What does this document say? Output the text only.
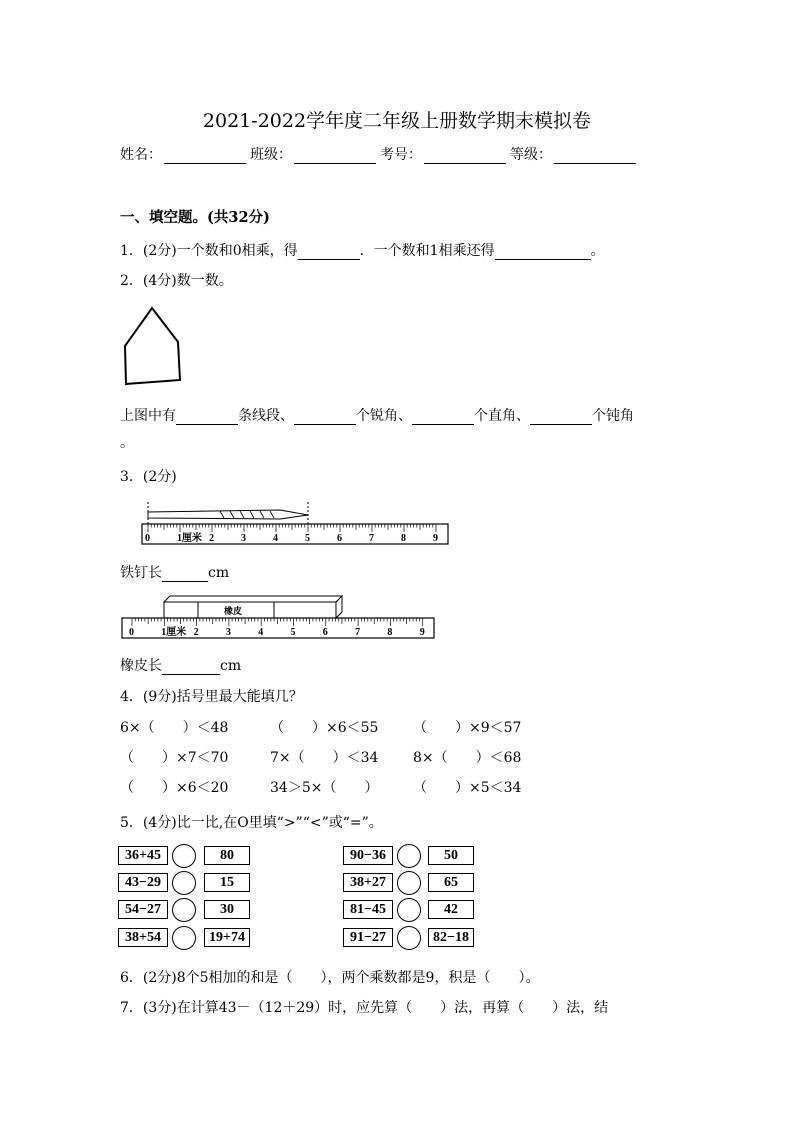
2021-2022学年度二年级上册数学期末模拟卷
姓名：	班级：	考号：	等级：
一、填空题。(共32分)
1．(2分)一个数和0相乘，得	．一个数和1相乘还得	。
2．(4分)数一数。
上图中有	条线段、	个锐角、	个直角、	个钝角
。
3．(2分)
0	1厘米 2	3	4	5	6	7	8	9
铁钉长	cm
橡皮
0	1厘米 2	3	4	5	6	7	8	9
橡皮长	cm
4．(9分)括号里最大能填几？
6×（　　）＜48	（　　）×6＜55 （　　）×9＜57
（　　）×7＜70	7×（　　）＜34 8×（　　）＜68
（　　）×6＜20	34＞5×（　　） （　　）×5＜34
5．(4分)比一比,在O里填“>”“<”或“=”。
36+45	80
43−29	15
54−27	30
38+54	19+74
90−36	50
38+27	65
81−45	42
91−27	82−18
6．(2分)8个5相加的和是（　　），两个乘数都是9，积是（　　）。
7．(3分)在计算43－（12＋29）时，应先算（　　）法，再算（　　）法，结
